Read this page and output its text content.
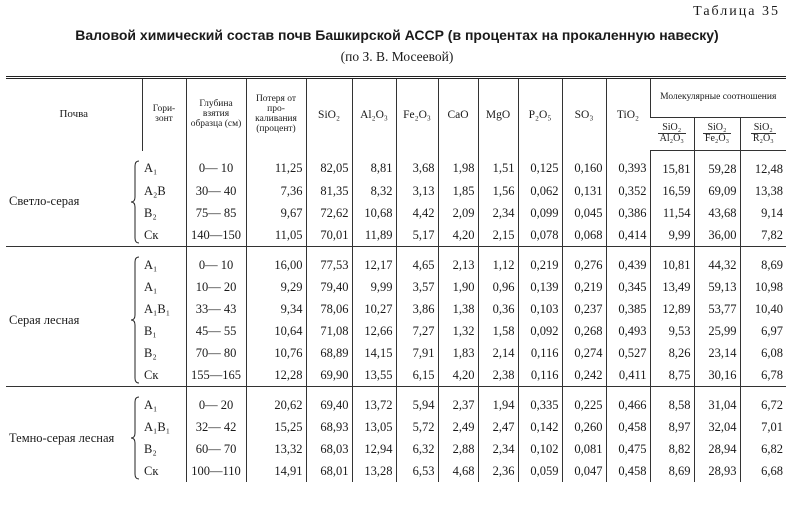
Таблица 35
Валовой химический состав почв Башкирской АССР (в процентах на прокаленную навеску)
(по З. В. Мосеевой)
Почва		Гори- зонт	Глубина взятия образца (см)	Потеря от про- каливания (процент)	SiO₂	Al₂O₃	Fe₂O₃	CaO	MgO	P₂O₅	SO₃	TiO₂	Молекулярные соотношения		

													$\frac{\text{SiO₂}}{\text{Al₂O₃}}$	$\frac{\text{SiO₂}}{\text{Fe₂O₃}}$	$\frac{\text{SiO₂}}{\text{R₂O₃}}$

Светло-серая		A₁	0— 10	11,25	82,05	8,81	3,68	1,98	1,51	0,125	0,160	0,393	15,81	59,28	12,48
		A₂B	30— 40	7,36	81,35	8,32	3,13	1,85	1,56	0,062	0,131	0,352	16,59	69,09	13,38
		B₂	75— 85	9,67	72,62	10,68	4,42	2,09	2,34	0,099	0,045	0,386	11,54	43,68	9,14
		Cк	140—150	11,05	70,01	11,89	5,17	4,20	2,15	0,078	0,068	0,414	9,99	36,00	7,82
Серая лесная		A₁	0— 10	16,00	77,53	12,17	4,65	2,13	1,12	0,219	0,276	0,439	10,81	44,32	8,69
		A₁	10— 20	9,29	79,40	9,99	3,57	1,90	0,96	0,139	0,219	0,345	13,49	59,13	10,98
		A₁B₁	33— 43	9,34	78,06	10,27	3,86	1,38	0,36	0,103	0,237	0,385	12,89	53,77	10,40
		B₁	45— 55	10,64	71,08	12,66	7,27	1,32	1,58	0,092	0,268	0,493	9,53	25,99	6,97
		B₂	70— 80	10,76	68,89	14,15	7,91	1,83	2,14	0,116	0,274	0,527	8,26	23,14	6,08
		Cк	155—165	12,28	69,90	13,55	6,15	4,20	2,38	0,116	0,242	0,411	8,75	30,16	6,78
Темно-серая лесная		A₁	0— 20	20,62	69,40	13,72	5,94	2,37	1,94	0,335	0,225	0,466	8,58	31,04	6,72
		A₁B₁	32— 42	15,25	68,93	13,05	5,72	2,49	2,47	0,142	0,260	0,458	8,97	32,04	7,01
		B₂	60— 70	13,32	68,03	12,94	6,32	2,88	2,34	0,102	0,081	0,475	8,82	28,94	6,82
		Cк	100—110	14,91	68,01	13,28	6,53	4,68	2,36	0,059	0,047	0,458	8,69	28,93	6,68
